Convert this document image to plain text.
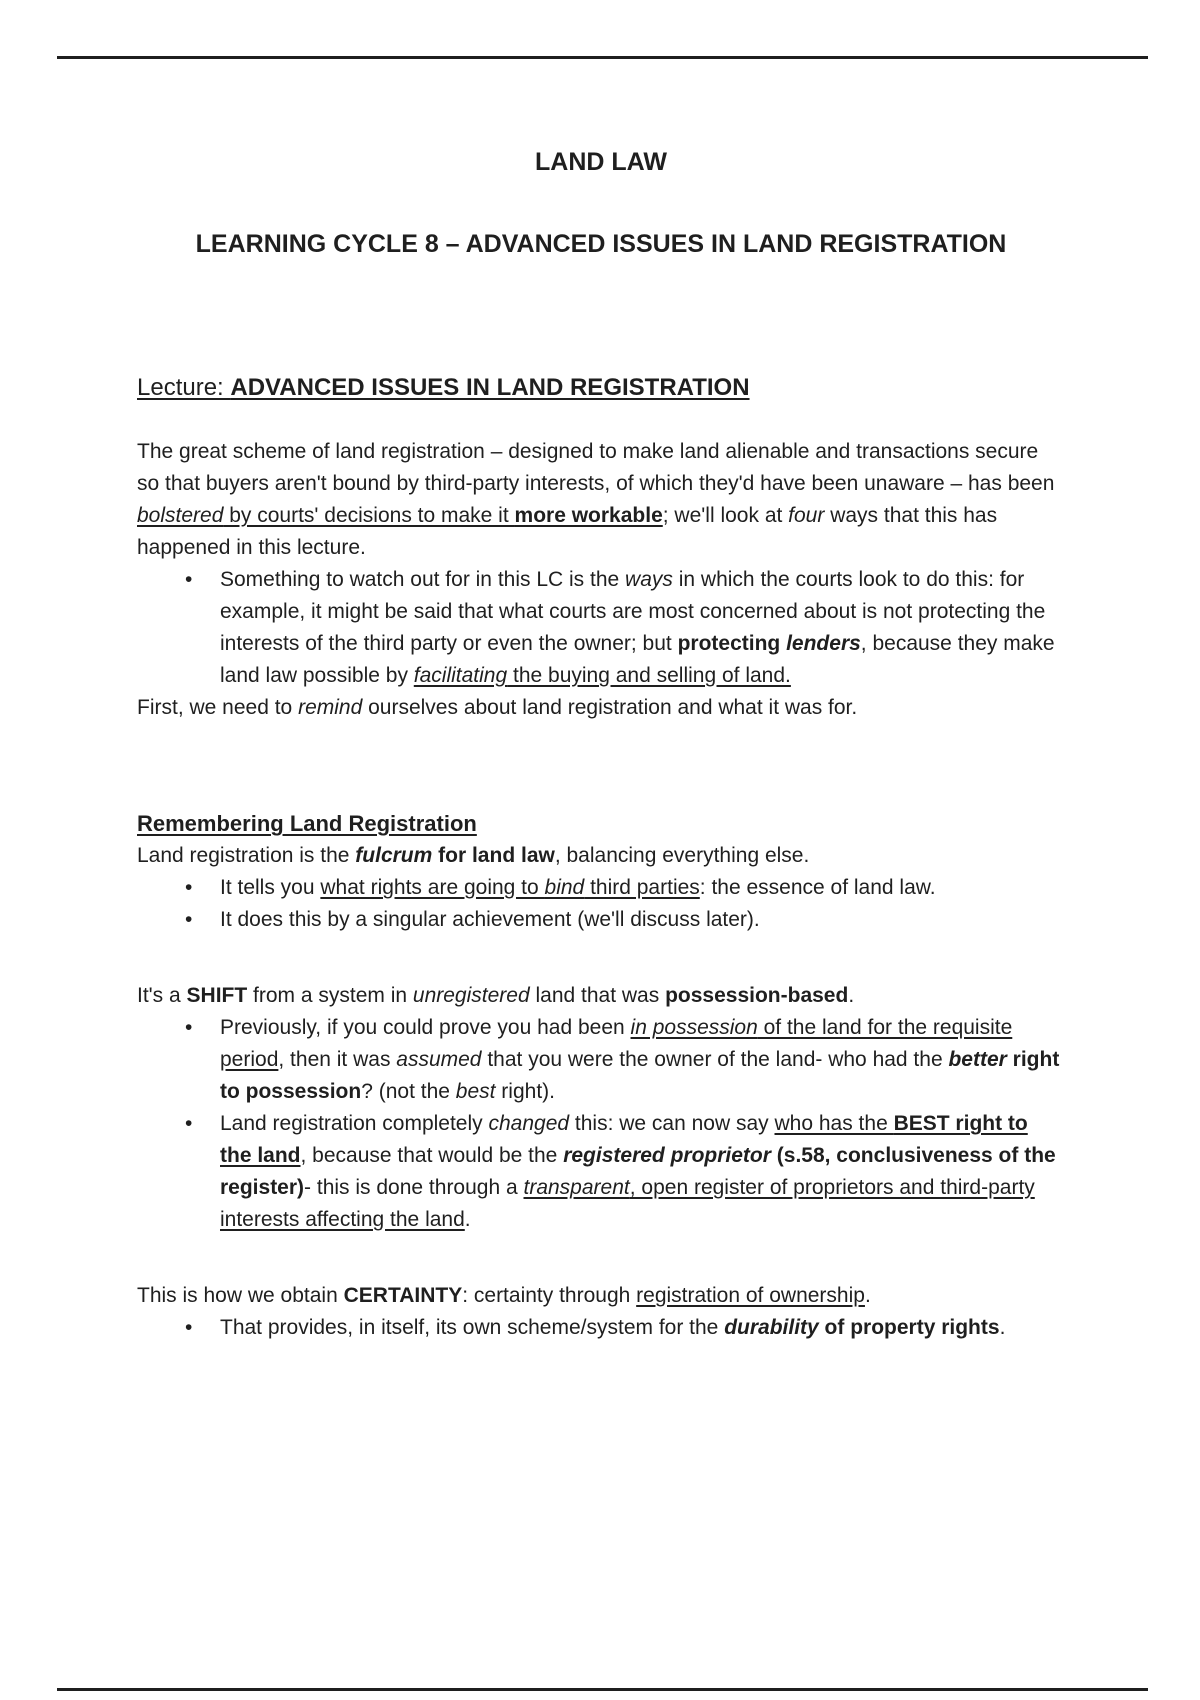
LAND LAW
LEARNING CYCLE 8 – ADVANCED ISSUES IN LAND REGISTRATION
Lecture: ADVANCED ISSUES IN LAND REGISTRATION
The great scheme of land registration – designed to make land alienable and transactions secure so that buyers aren't bound by third-party interests, of which they'd have been unaware – has been bolstered by courts' decisions to make it more workable; we'll look at four ways that this has happened in this lecture.
• Something to watch out for in this LC is the ways in which the courts look to do this: for example, it might be said that what courts are most concerned about is not protecting the interests of the third party or even the owner; but protecting lenders, because they make land law possible by facilitating the buying and selling of land.
First, we need to remind ourselves about land registration and what it was for.
Remembering Land Registration
Land registration is the fulcrum for land law, balancing everything else.
• It tells you what rights are going to bind third parties: the essence of land law.
• It does this by a singular achievement (we'll discuss later).
It's a SHIFT from a system in unregistered land that was possession-based.
• Previously, if you could prove you had been in possession of the land for the requisite period, then it was assumed that you were the owner of the land- who had the better right to possession? (not the best right).
• Land registration completely changed this: we can now say who has the BEST right to the land, because that would be the registered proprietor (s.58, conclusiveness of the register)- this is done through a transparent, open register of proprietors and third-party interests affecting the land.
This is how we obtain CERTAINTY: certainty through registration of ownership.
• That provides, in itself, its own scheme/system for the durability of property rights.
